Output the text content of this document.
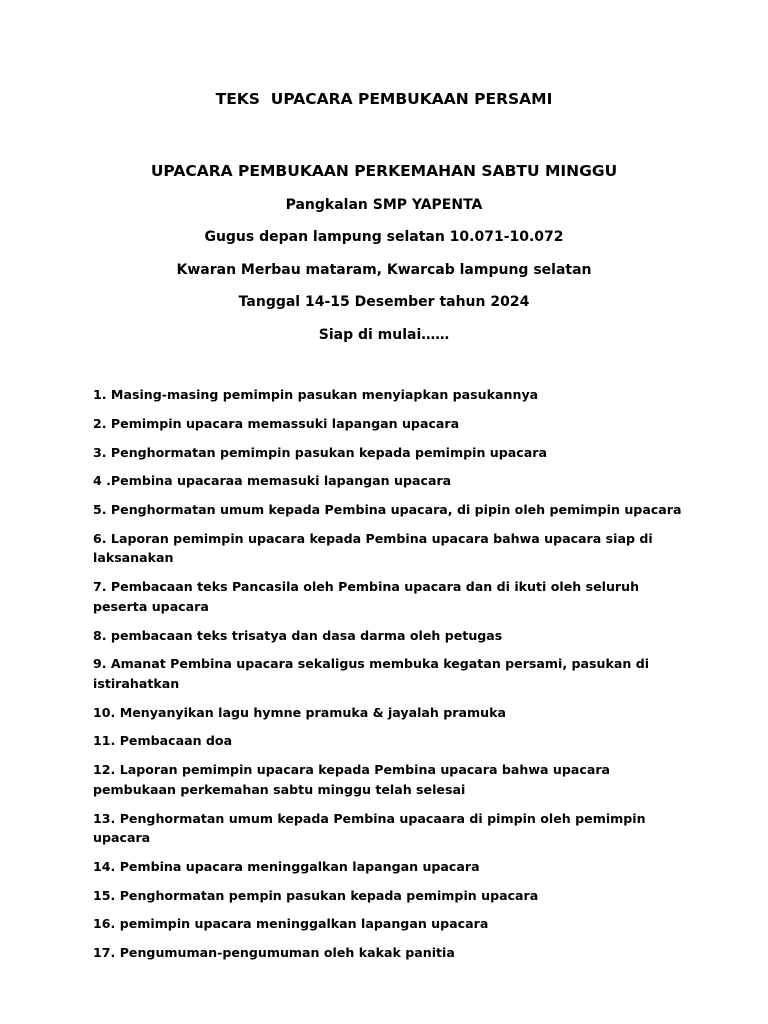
TEKS  UPACARA PEMBUKAAN PERSAMI
UPACARA PEMBUKAAN PERKEMAHAN SABTU MINGGU
Pangkalan SMP YAPENTA
Gugus depan lampung selatan 10.071-10.072
Kwaran Merbau mataram, Kwarcab lampung selatan
Tanggal 14-15 Desember tahun 2024
Siap di mulai……
1. Masing-masing pemimpin pasukan menyiapkan pasukannya
2. Pemimpin upacara memassuki lapangan upacara
3. Penghormatan pemimpin pasukan kepada pemimpin upacara
4 .Pembina upacaraa memasuki lapangan upacara
5. Penghormatan umum kepada Pembina upacara, di pipin oleh pemimpin upacara
6. Laporan pemimpin upacara kepada Pembina upacara bahwa upacara siap di laksanakan
7. Pembacaan teks Pancasila oleh Pembina upacara dan di ikuti oleh seluruh peserta upacara
8. pembacaan teks trisatya dan dasa darma oleh petugas
9. Amanat Pembina upacara sekaligus membuka kegatan persami, pasukan di istirahatkan
10. Menyanyikan lagu hymne pramuka & jayalah pramuka
11. Pembacaan doa
12. Laporan pemimpin upacara kepada Pembina upacara bahwa upacara pembukaan perkemahan sabtu minggu telah selesai
13. Penghormatan umum kepada Pembina upacaara di pimpin oleh pemimpin upacara
14. Pembina upacara meninggalkan lapangan upacara
15. Penghormatan pempin pasukan kepada pemimpin upacara
16. pemimpin upacara meninggalkan lapangan upacara
17. Pengumuman-pengumuman oleh kakak panitia
